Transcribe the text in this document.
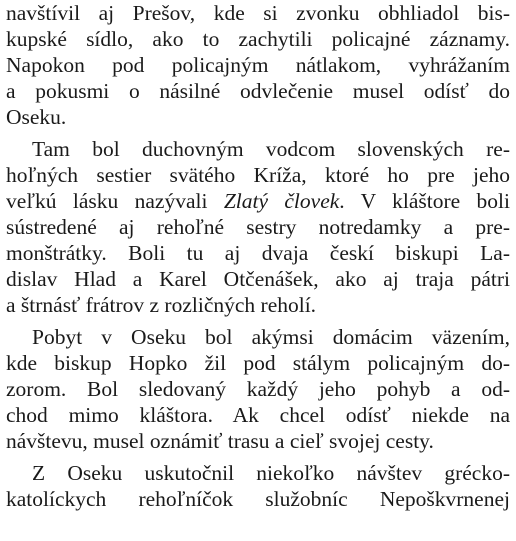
navštívil aj Prešov, kde si zvonku obhliadol bis-
kupské sídlo, ako to zachytili policajné záznamy.
Napokon pod policajným nátlakom, vyhrážaním
a pokusmi o násilné odvlečenie musel odísť do
Oseku.
Tam bol duchovným vodcom slovenských re-
hoľných sestier svätého Kríža, ktoré ho pre jeho
veľkú lásku nazývali Zlatý človek. V kláštore boli
sústredené aj rehoľné sestry notredamky a pre-
monštrátky. Boli tu aj dvaja českí biskupi La-
dislav Hlad a Karel Otčenášek, ako aj traja pátri
a štrnásť frátrov z rozličných reholí.
Pobyt v Oseku bol akýmsi domácim väzením,
kde biskup Hopko žil pod stálym policajným do-
zorom. Bol sledovaný každý jeho pohyb a od-
chod mimo kláštora. Ak chcel odísť niekde na
návštevu, musel oznámiť trasu a cieľ svojej cesty.
Z Oseku uskutočnil niekoľko návštev grécko-
katolíckych rehoľníčok služobníc Nepoškvrnenej
